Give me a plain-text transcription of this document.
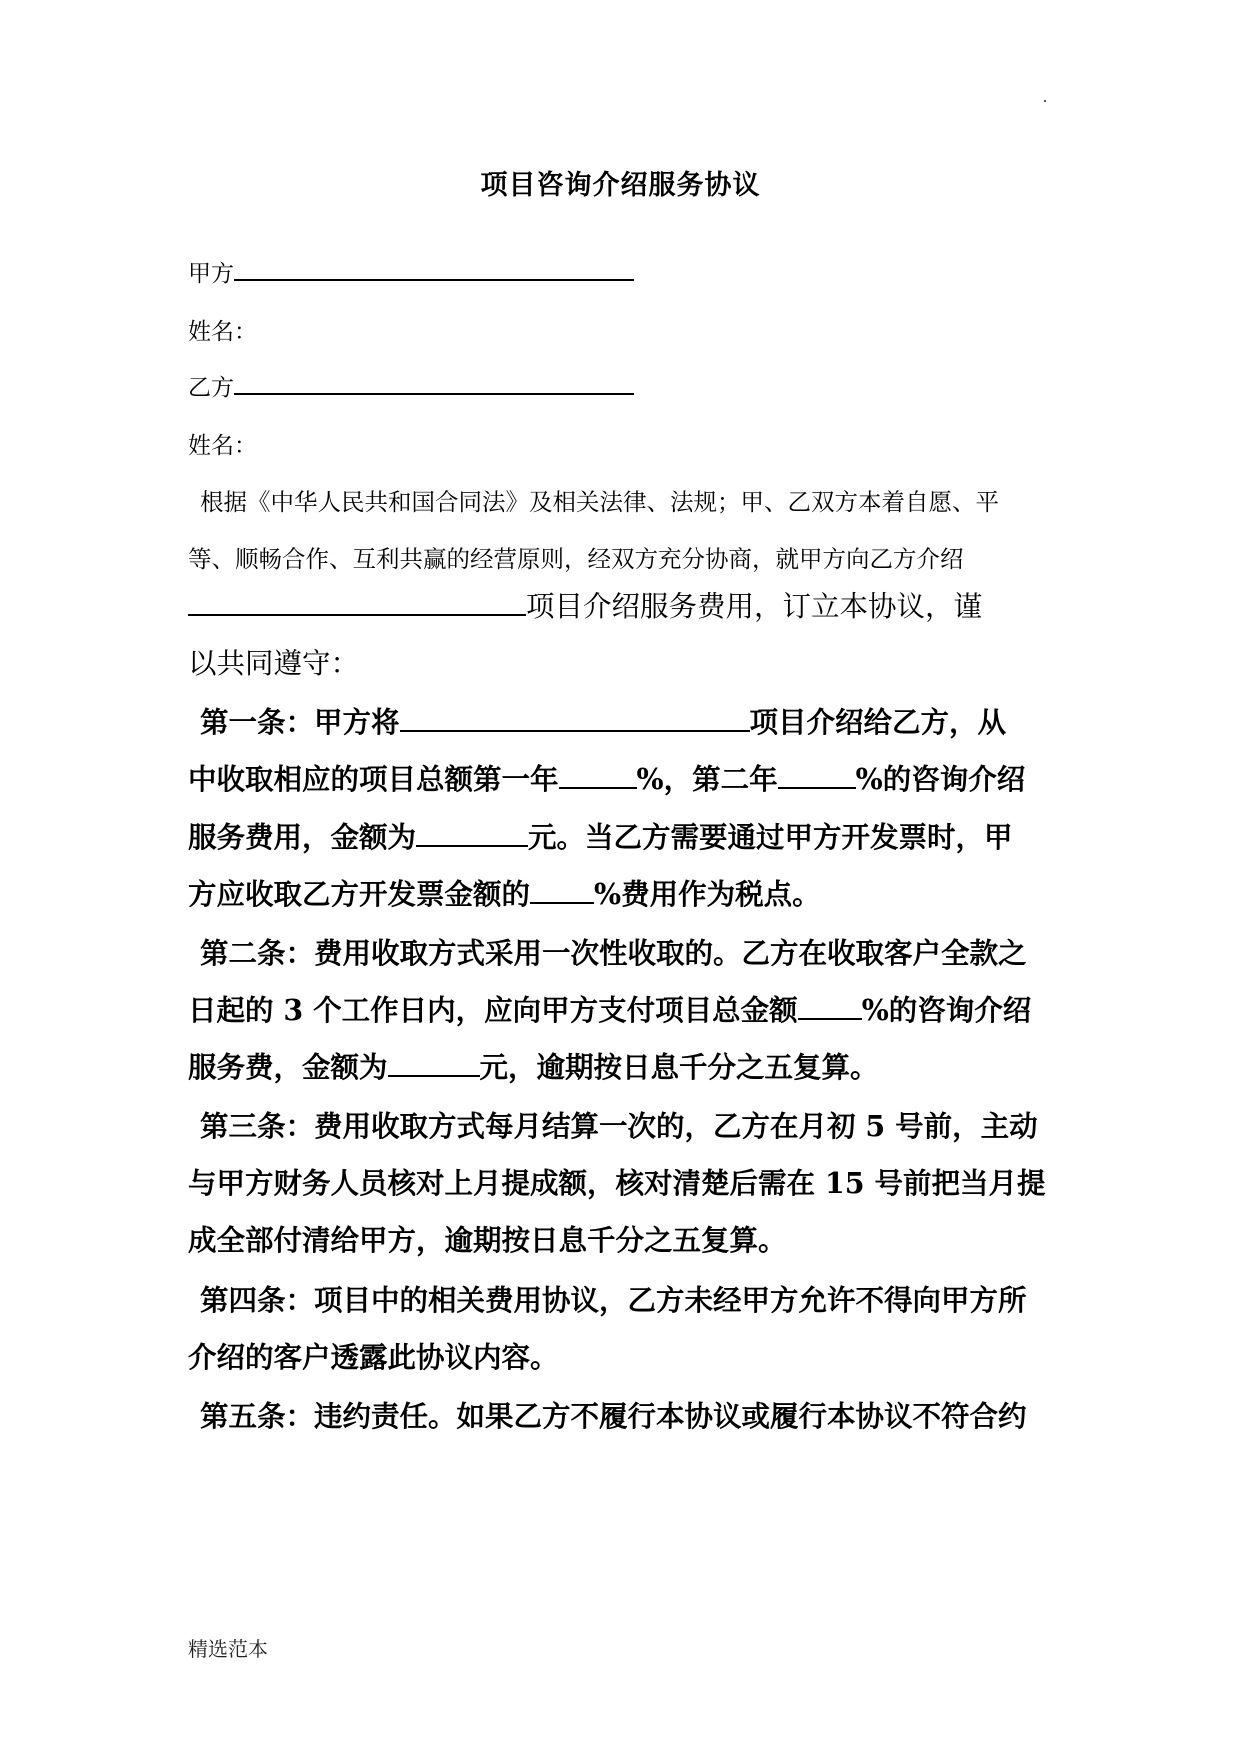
项目咨询介绍服务协议
甲方
姓名：
乙方
姓名：
根据《中华人民共和国合同法》及相关法律、法规；甲、乙双方本着自愿、平
等、顺畅合作、互利共赢的经营原则，经双方充分协商，就甲方向乙方介绍
项目介绍服务费用，订立本协议，谨
以共同遵守：
第一条：甲方将	项目介绍给乙方，从
中收取相应的项目总额第一年	%，第二年	%的咨询介绍
服务费用，金额为	元。当乙方需要通过甲方开发票时，甲
方应收取乙方开发票金额的 %费用作为税点。
第二条：费用收取方式采用一次性收取的。乙方在收取客户全款之
日起的 3 个工作日内，应向甲方支付项目总金额 %的咨询介绍
服务费，金额为	元，逾期按日息千分之五复算。
第三条：费用收取方式每月结算一次的，乙方在月初 5 号前，主动
与甲方财务人员核对上月提成额，核对清楚后需在 15 号前把当月提
成全部付清给甲方，逾期按日息千分之五复算。
第四条：项目中的相关费用协议，乙方未经甲方允许不得向甲方所
介绍的客户透露此协议内容。
第五条：违约责任。如果乙方不履行本协议或履行本协议不符合约
精选范本
